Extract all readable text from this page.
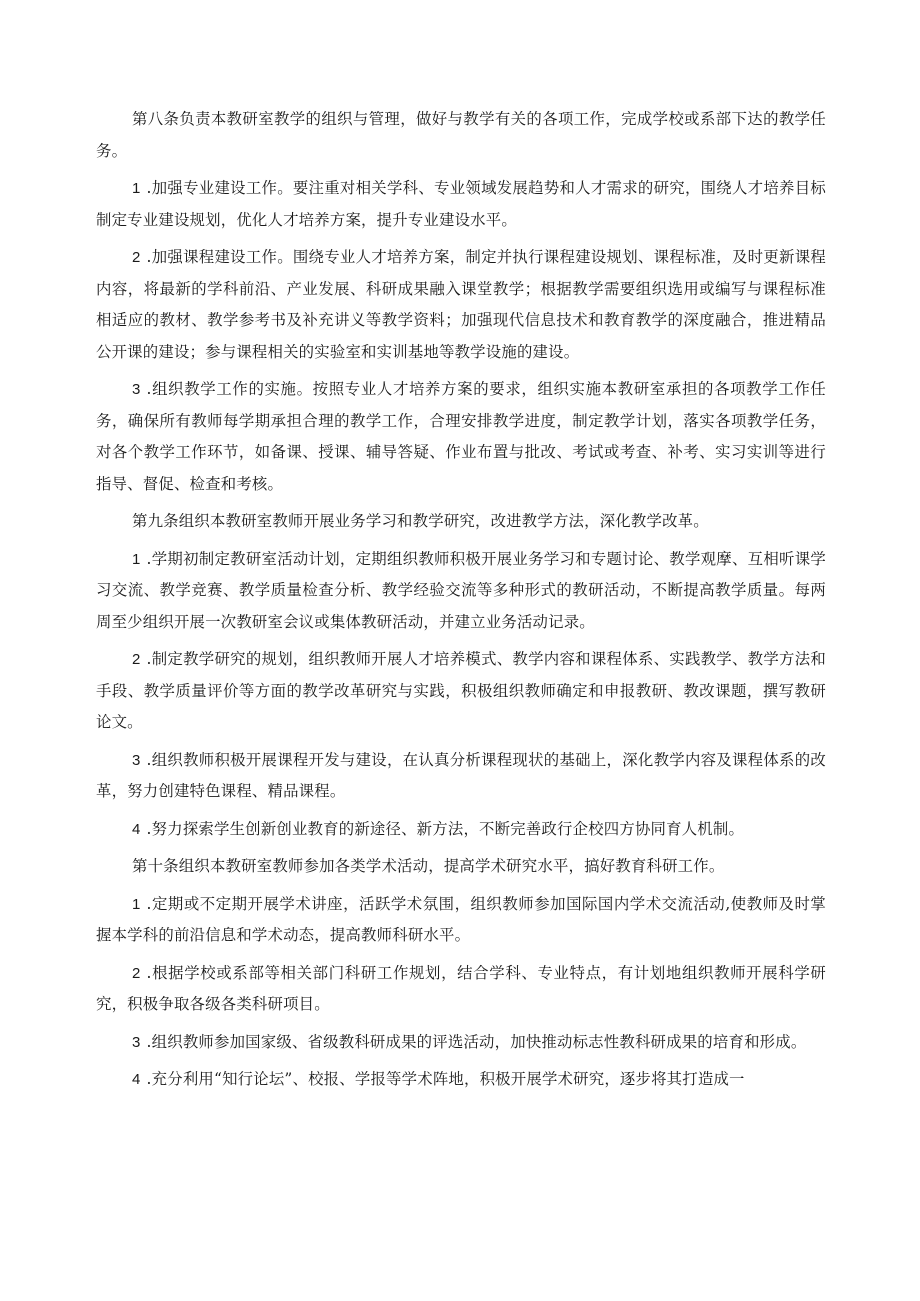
第八条负责本教研室教学的组织与管理，做好与教学有关的各项工作，完成学校或系部下达的教学任务。

1 .加强专业建设工作。要注重对相关学科、专业领域发展趋势和人才需求的研究，围绕人才培养目标制定专业建设规划，优化人才培养方案，提升专业建设水平。

2 .加强课程建设工作。围绕专业人才培养方案，制定并执行课程建设规划、课程标准，及时更新课程内容，将最新的学科前沿、产业发展、科研成果融入课堂教学；根据教学需要组织选用或编写与课程标准相适应的教材、教学参考书及补充讲义等教学资料；加强现代信息技术和教育教学的深度融合，推进精品公开课的建设；参与课程相关的实验室和实训基地等教学设施的建设。

3 .组织教学工作的实施。按照专业人才培养方案的要求，组织实施本教研室承担的各项教学工作任务，确保所有教师每学期承担合理的教学工作，合理安排教学进度，制定教学计划，落实各项教学任务，对各个教学工作环节，如备课、授课、辅导答疑、作业布置与批改、考试或考查、补考、实习实训等进行指导、督促、检查和考核。

第九条组织本教研室教师开展业务学习和教学研究，改进教学方法，深化教学改革。

1 .学期初制定教研室活动计划，定期组织教师积极开展业务学习和专题讨论、教学观摩、互相听课学习交流、教学竞赛、教学质量检查分析、教学经验交流等多种形式的教研活动，不断提高教学质量。每两周至少组织开展一次教研室会议或集体教研活动，并建立业务活动记录。

2 .制定教学研究的规划，组织教师开展人才培养模式、教学内容和课程体系、实践教学、教学方法和手段、教学质量评价等方面的教学改革研究与实践，积极组织教师确定和申报教研、教改课题，撰写教研论文。

3 .组织教师积极开展课程开发与建设，在认真分析课程现状的基础上，深化教学内容及课程体系的改革，努力创建特色课程、精品课程。

4 .努力探索学生创新创业教育的新途径、新方法，不断完善政行企校四方协同育人机制。

第十条组织本教研室教师参加各类学术活动，提高学术研究水平，搞好教育科研工作。

1 .定期或不定期开展学术讲座，活跃学术氛围，组织教师参加国际国内学术交流活动,使教师及时掌握本学科的前沿信息和学术动态，提高教师科研水平。

2 .根据学校或系部等相关部门科研工作规划，结合学科、专业特点，有计划地组织教师开展科学研究，积极争取各级各类科研项目。

3 .组织教师参加国家级、省级教科研成果的评选活动，加快推动标志性教科研成果的培育和形成。

4 .充分利用“知行论坛”、校报、学报等学术阵地，积极开展学术研究，逐步将其打造成一
